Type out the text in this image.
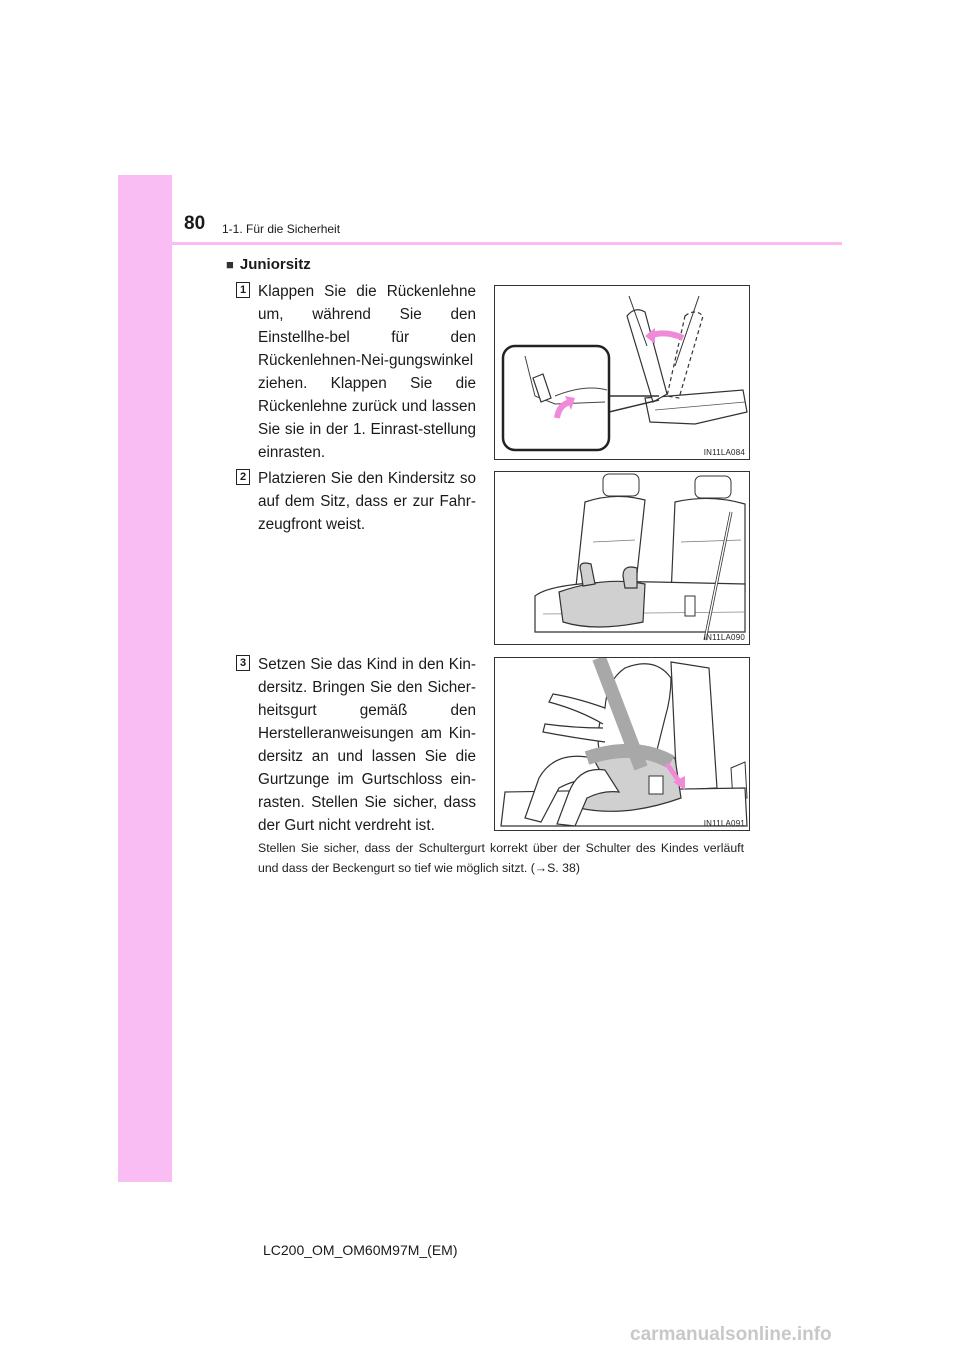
80 1-1. Für die Sicherheit
■ Juniorsitz
1 Klappen Sie die Rückenlehne um, während Sie den Einstellhe-bel für den Rückenlehnen-Nei-gungswinkel ziehen. Klappen Sie die Rückenlehne zurück und lassen Sie sie in der 1. Einrast-stellung einrasten.	IN11LA084
2 Platzieren Sie den Kindersitz so auf dem Sitz, dass er zur Fahr-zeugfront weist.
IN11LA090
3 Setzen Sie das Kind in den Kin-dersitz. Bringen Sie den Sicher-heitsgurt gemäß den Herstelleranweisungen am Kin-dersitz an und lassen Sie die Gurtzunge im Gurtschloss ein-rasten. Stellen Sie sicher, dass der Gurt nicht verdreht ist.	IN11LA091
Stellen Sie sicher, dass der Schultergurt korrekt über der Schulter des Kindes verläuft und dass der Beckengurt so tief wie möglich sitzt. (→S. 38)
LC200_OM_OM60M97M_(EM)
carmanualsonline.info
